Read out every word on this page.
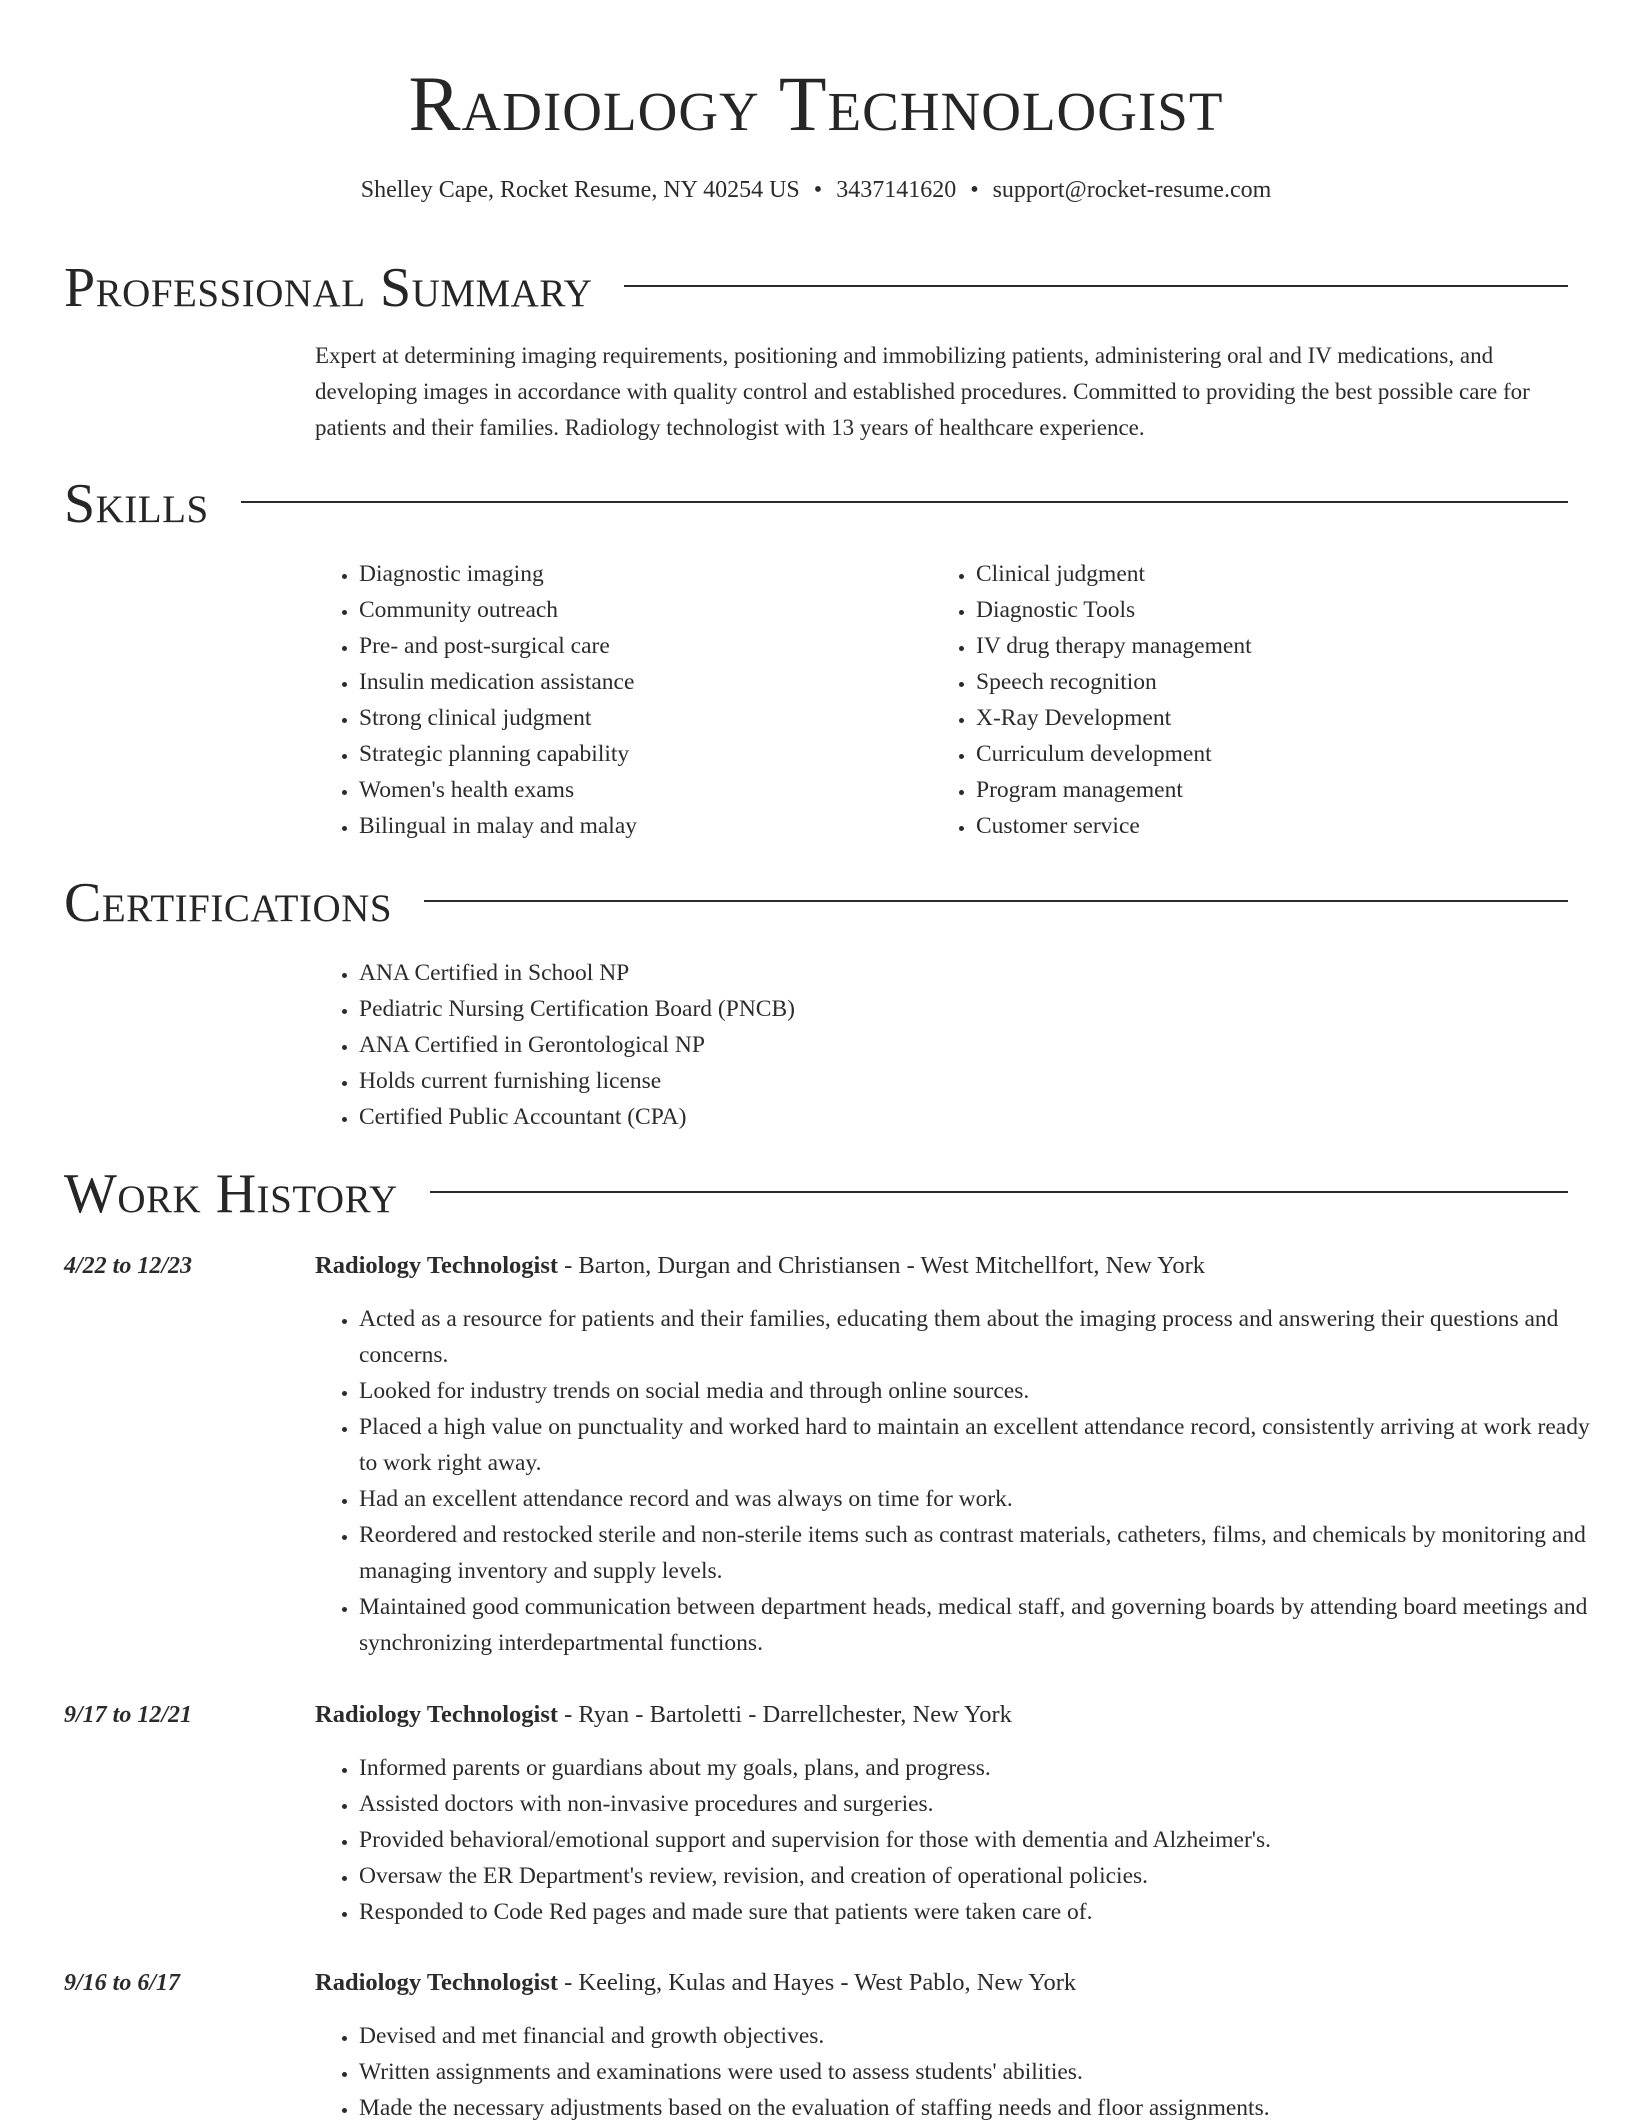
Radiology Technologist
Shelley Cape, Rocket Resume, NY 40254 US • 3437141620 • support@rocket-resume.com
Professional Summary
Expert at determining imaging requirements, positioning and immobilizing patients, administering oral and IV medications, and developing images in accordance with quality control and established procedures. Committed to providing the best possible care for patients and their families. Radiology technologist with 13 years of healthcare experience.
Skills
• Diagnostic imaging
• Community outreach
• Pre- and post-surgical care
• Insulin medication assistance
• Strong clinical judgment
• Strategic planning capability
• Women's health exams
• Bilingual in malay and malay
• Clinical judgment
• Diagnostic Tools
• IV drug therapy management
• Speech recognition
• X-Ray Development
• Curriculum development
• Program management
• Customer service
Certifications
• ANA Certified in School NP
• Pediatric Nursing Certification Board (PNCB)
• ANA Certified in Gerontological NP
• Holds current furnishing license
• Certified Public Accountant (CPA)
Work History
4/22 to 12/23	Radiology Technologist - Barton, Durgan and Christiansen - West Mitchellfort, New York
• Acted as a resource for patients and their families, educating them about the imaging process and answering their questions and concerns.
• Looked for industry trends on social media and through online sources.
• Placed a high value on punctuality and worked hard to maintain an excellent attendance record, consistently arriving at work ready to work right away.
• Had an excellent attendance record and was always on time for work.
• Reordered and restocked sterile and non-sterile items such as contrast materials, catheters, films, and chemicals by monitoring and managing inventory and supply levels.
• Maintained good communication between department heads, medical staff, and governing boards by attending board meetings and synchronizing interdepartmental functions.
9/17 to 12/21	Radiology Technologist - Ryan - Bartoletti - Darrellchester, New York
• Informed parents or guardians about my goals, plans, and progress.
• Assisted doctors with non-invasive procedures and surgeries.
• Provided behavioral/emotional support and supervision for those with dementia and Alzheimer's.
• Oversaw the ER Department's review, revision, and creation of operational policies.
• Responded to Code Red pages and made sure that patients were taken care of.
9/16 to 6/17	Radiology Technologist - Keeling, Kulas and Hayes - West Pablo, New York
• Devised and met financial and growth objectives.
• Written assignments and examinations were used to assess students' abilities.
• Made the necessary adjustments based on the evaluation of staffing needs and floor assignments.
